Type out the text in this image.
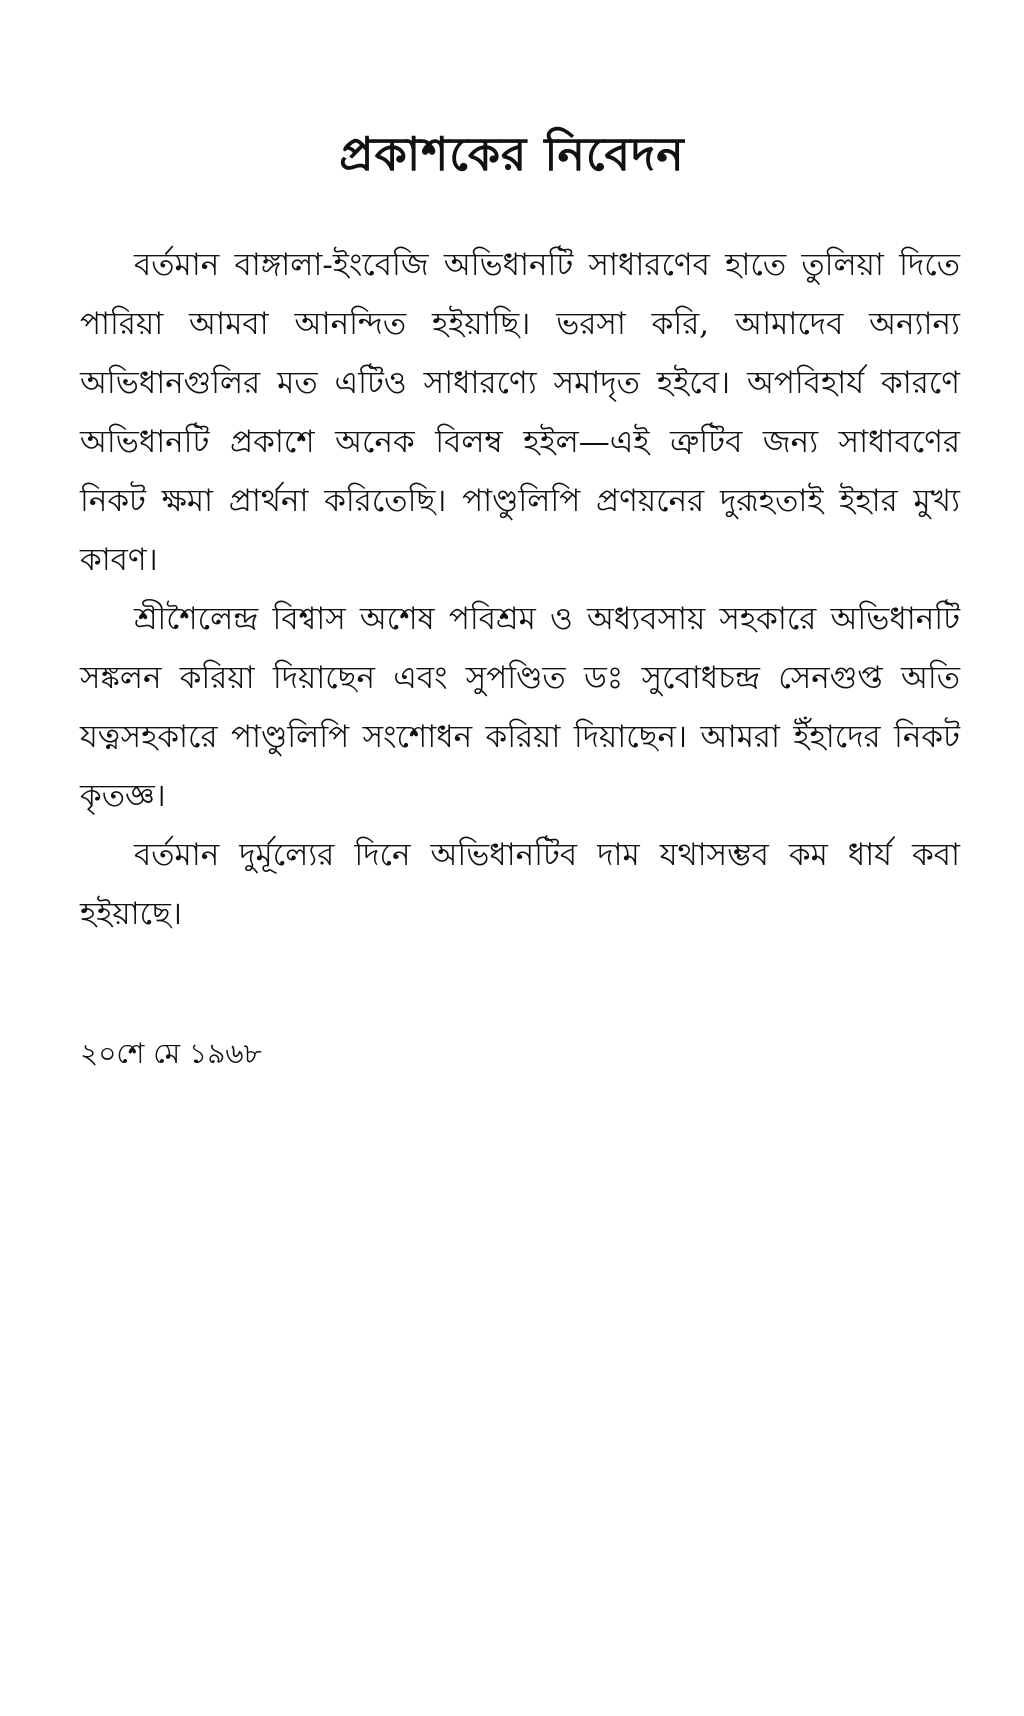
প্রকাশকের নিবেদন

বর্তমান বাঙ্গালা-ইংবেজি অভিধানটি সাধারণেব হাতে তুলিয়া দিতে পারিয়া আমবা আনন্দিত হইয়াছি। ভরসা করি, আমাদেব অন্যান্য অভিধানগুলির মত এটিও সাধারণ্যে সমাদৃত হইবে। অপবিহার্য কারণে অভিধানটি প্রকাশে অনেক বিলম্ব হইল—এই ত্রুটিব জন্য সাধাবণের নিকট ক্ষমা প্রার্থনা করিতেছি। পাণ্ডুলিপি প্রণয়নের দুরূহতাই ইহার মুখ্য কাবণ।

শ্রীশৈলেন্দ্র বিশ্বাস অশেষ পবিশ্রম ও অধ্যবসায় সহকারে অভিধানটি সঙ্কলন করিয়া দিয়াছেন এবং সুপণ্ডিত ডঃ সুবোধচন্দ্র সেনগুপ্ত অতি যত্নসহকারে পাণ্ডুলিপি সংশোধন করিয়া দিয়াছেন। আমরা ইঁহাদের নিকট কৃতজ্ঞ।

বর্তমান দুর্মূল্যের দিনে অভিধানটিব দাম যথাসম্ভব কম ধার্য কবা হইয়াছে।

২০শে মে ১৯৬৮
